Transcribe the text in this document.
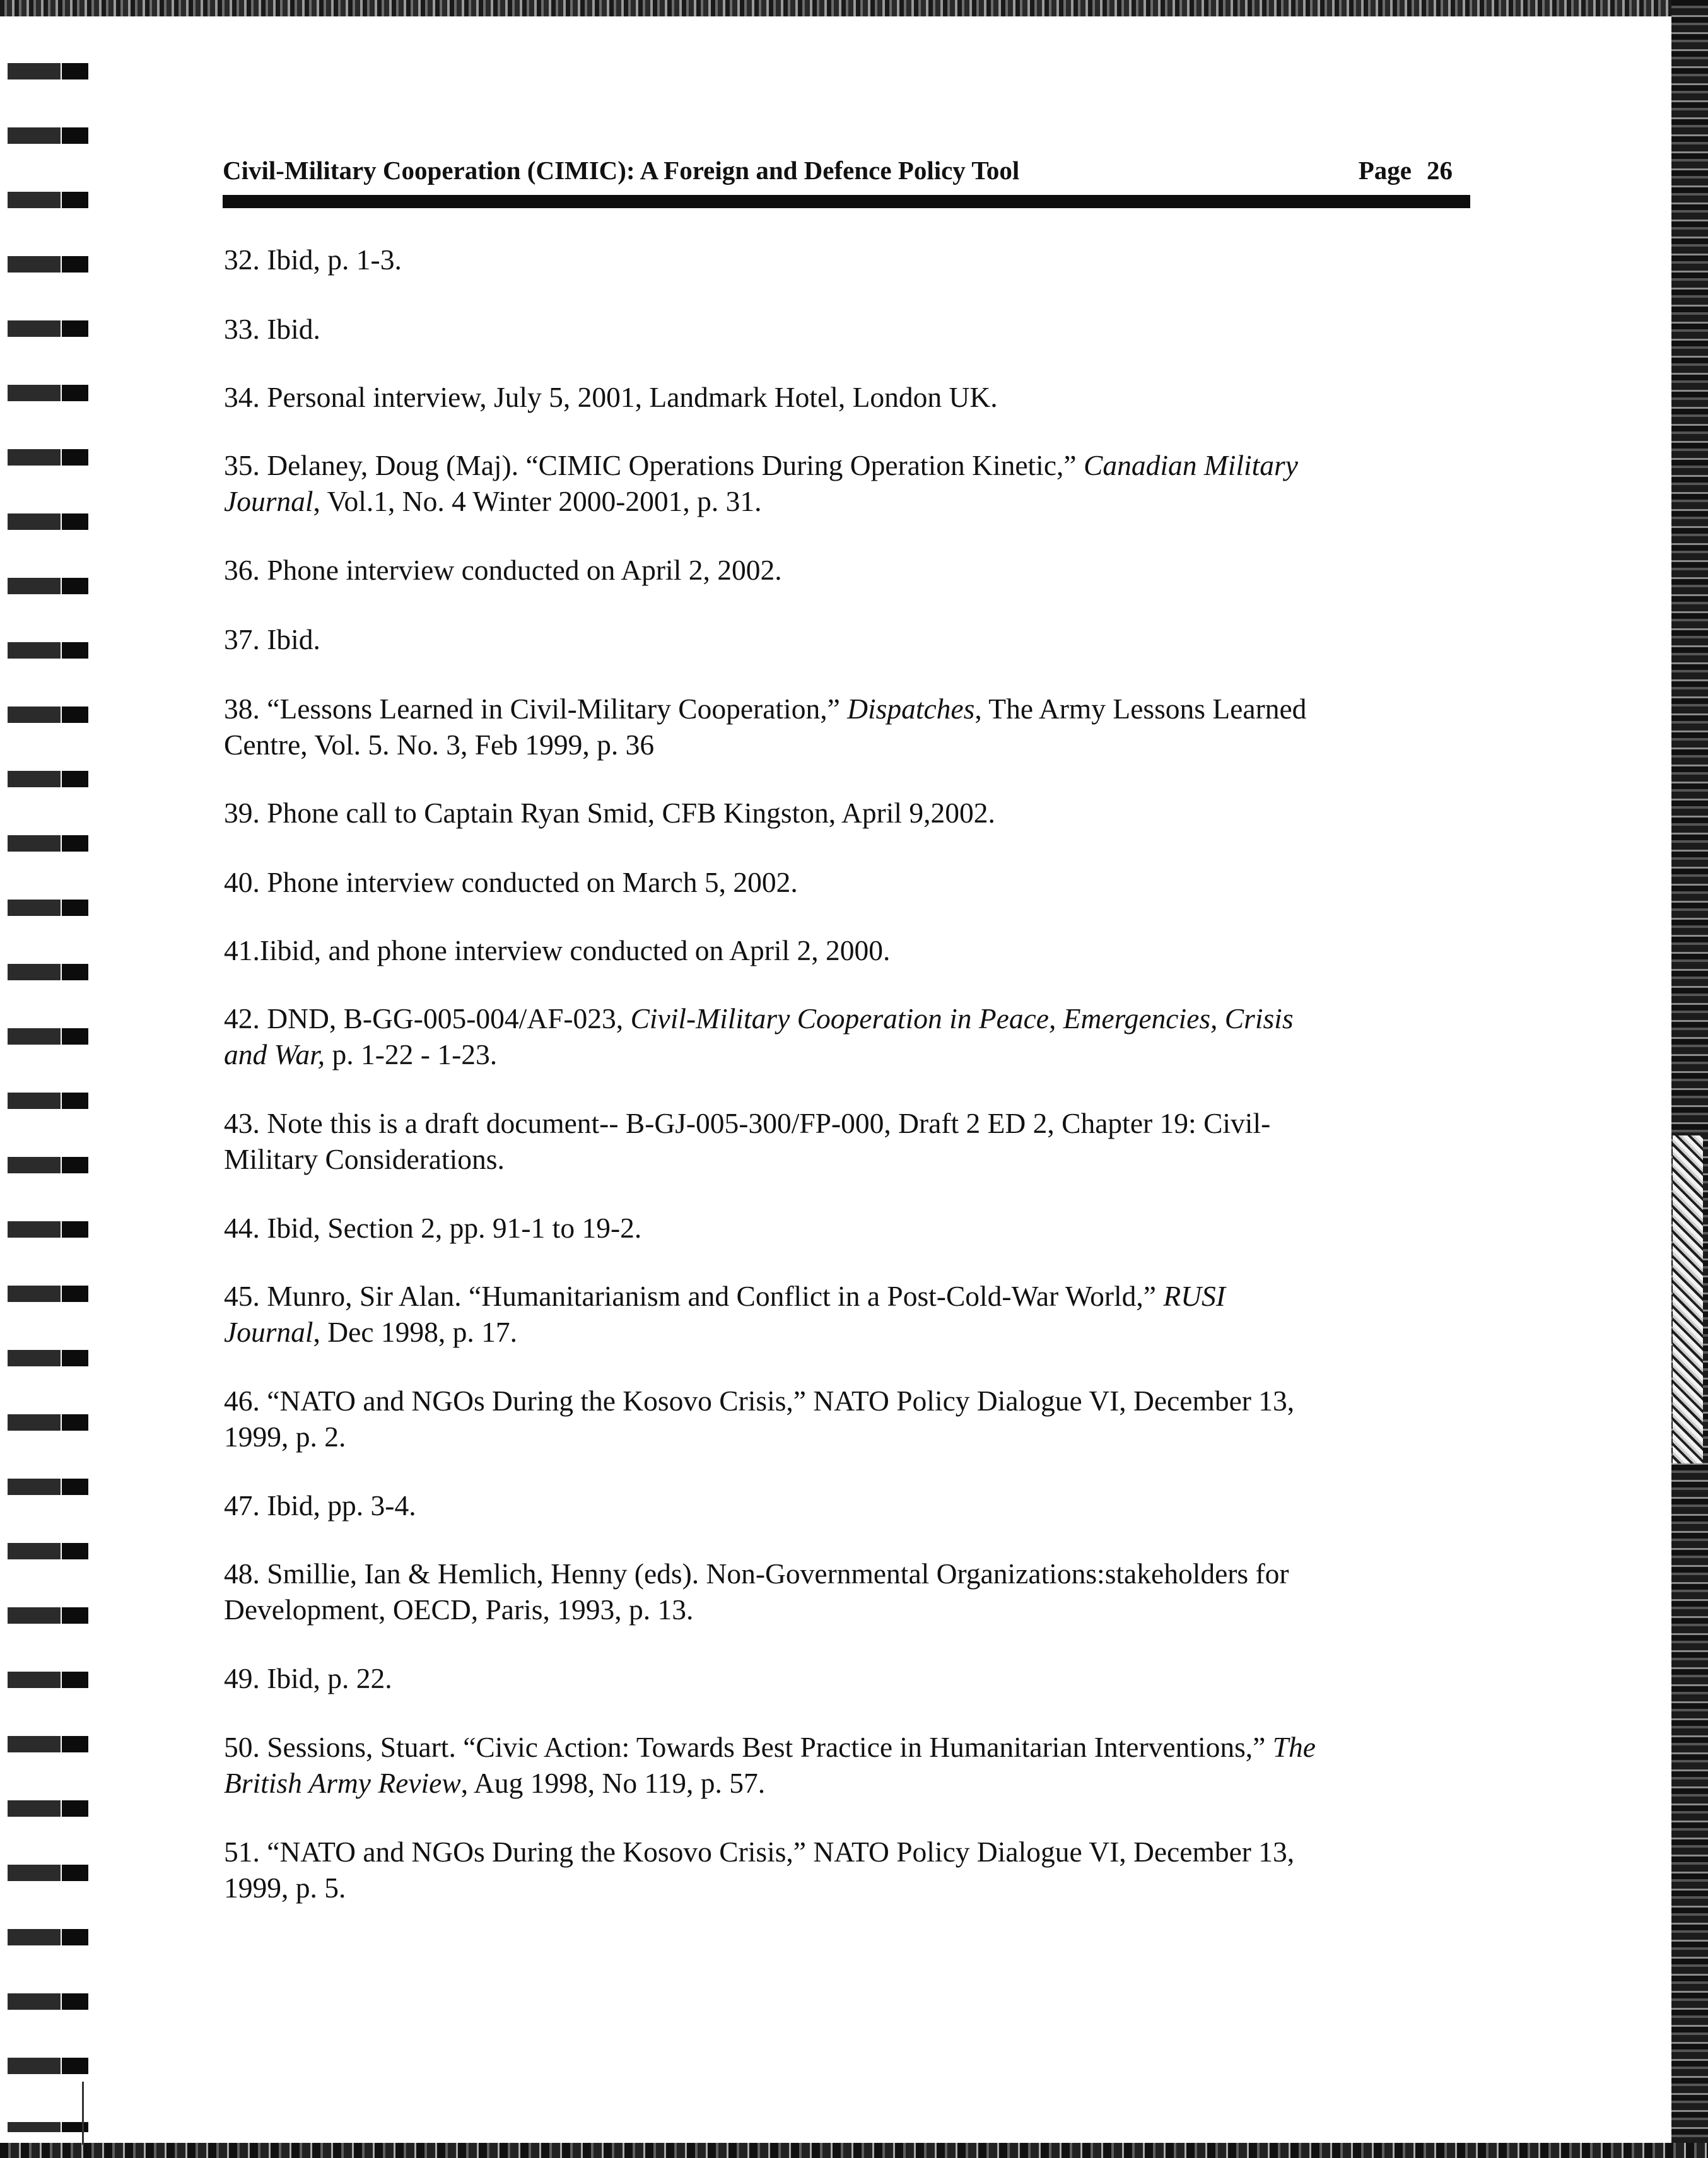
Civil-Military Cooperation (CIMIC): A Foreign and Defence Policy Tool	Page 26
32. Ibid, p. 1-3.
33. Ibid.
34. Personal interview, July 5, 2001, Landmark Hotel, London UK.
35. Delaney, Doug (Maj). “CIMIC Operations During Operation Kinetic,” Canadian Military
Journal, Vol.1, No. 4 Winter 2000-2001, p. 31.
36. Phone interview conducted on April 2, 2002.
37. Ibid.
38. “Lessons Learned in Civil-Military Cooperation,” Dispatches, The Army Lessons Learned
Centre, Vol. 5. No. 3, Feb 1999, p. 36
39. Phone call to Captain Ryan Smid, CFB Kingston, April 9,2002.
40. Phone interview conducted on March 5, 2002.
41.Iibid, and phone interview conducted on April 2, 2000.
42. DND, B-GG-005-004/AF-023, Civil-Military Cooperation in Peace, Emergencies, Crisis
and War, p. 1-22 - 1-23.
43. Note this is a draft document-- B-GJ-005-300/FP-000, Draft 2 ED 2, Chapter 19: Civil-
Military Considerations.
44. Ibid, Section 2, pp. 91-1 to 19-2.
45. Munro, Sir Alan. “Humanitarianism and Conflict in a Post-Cold-War World,” RUSI
Journal, Dec 1998, p. 17.
46. “NATO and NGOs During the Kosovo Crisis,” NATO Policy Dialogue VI, December 13,
1999, p. 2.
47. Ibid, pp. 3-4.
48. Smillie, Ian & Hemlich, Henny (eds). Non-Governmental Organizations:stakeholders for
Development, OECD, Paris, 1993, p. 13.
49. Ibid, p. 22.
50. Sessions, Stuart. “Civic Action: Towards Best Practice in Humanitarian Interventions,” The
British Army Review, Aug 1998, No 119, p. 57.
51. “NATO and NGOs During the Kosovo Crisis,” NATO Policy Dialogue VI, December 13,
1999, p. 5.
